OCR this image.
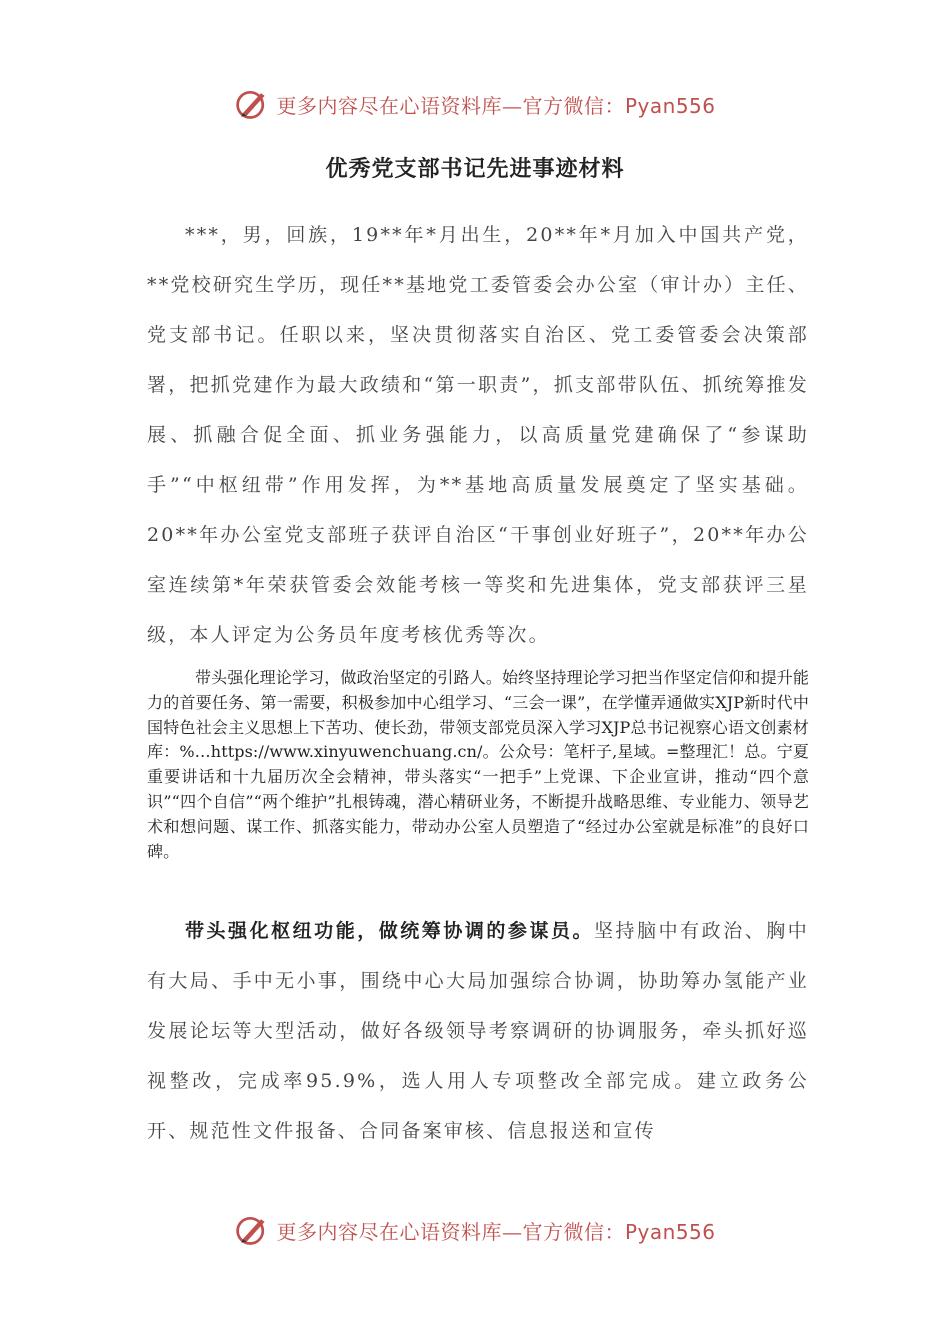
更多内容尽在心语资料库—官方微信：Pyan556
优秀党支部书记先进事迹材料

***，男，回族，19**年*月出生，20**年*月加入中国共产党，**党校研究生学历，现任**基地党工委管委会办公室（审计办）主任、党支部书记。任职以来，坚决贯彻落实自治区、党工委管委会决策部署，把抓党建作为最大政绩和“第一职责”，抓支部带队伍、抓统筹推发展、抓融合促全面、抓业务强能力，以高质量党建确保了“参谋助手”“中枢纽带”作用发挥，为**基地高质量发展奠定了坚实基础。20**年办公室党支部班子获评自治区“干事创业好班子”，20**年办公室连续第*年荣获管委会效能考核一等奖和先进集体，党支部获评三星级，本人评定为公务员年度考核优秀等次。

带头强化理论学习，做政治坚定的引路人。始终坚持理论学习把当作坚定信仰和提升能力的首要任务、第一需要，积极参加中心组学习、“三会一课”，在学懂弄通做实XJP新时代中国特色社会主义思想上下苦功、使长劲，带领支部党员深入学习XJP总书记视察心语文创素材库：%…https://www.xinyuwenchuang.cn/。公众号：笔杆子,星域。=整理汇！总。宁夏重要讲话和十九届历次全会精神，带头落实“一把手”上党课、下企业宣讲，推动“四个意识”“四个自信”“两个维护”扎根铸魂，潜心精研业务，不断提升战略思维、专业能力、领导艺术和想问题、谋工作、抓落实能力，带动办公室人员塑造了“经过办公室就是标准”的良好口碑。

带头强化枢纽功能，做统筹协调的参谋员。坚持脑中有政治、胸中有大局、手中无小事，围绕中心大局加强综合协调，协助筹办氢能产业发展论坛等大型活动，做好各级领导考察调研的协调服务，牵头抓好巡视整改，完成率95.9%，选人用人专项整改全部完成。建立政务公开、规范性文件报备、合同备案审核、信息报送和宣传

更多内容尽在心语资料库—官方微信：Pyan556
